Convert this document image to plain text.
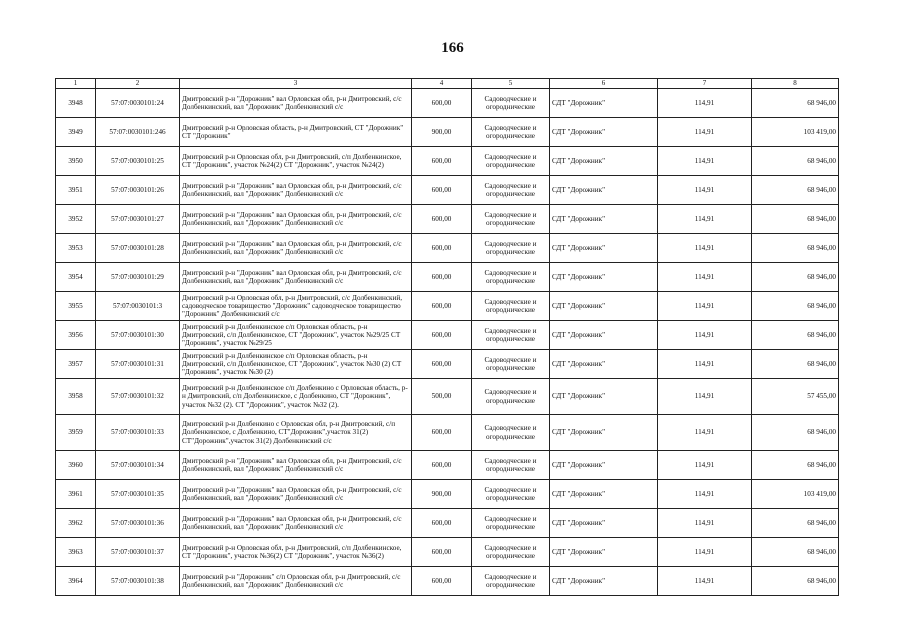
166
1	2	3	4	5	6	7	8
3948	57:07:0030101:24	Дмитровский р-н "Дорожник" вал Орловская обл, р-н Дмитровский, с/с Долбенкинский, вал "Дорожник" Долбенкинский с/с	600,00	Садоводческие и огороднические	СДТ "Дорожник"	114,91	68 946,00
3949	57:07:0030101:246	Дмитровский р-н Орловская область, р-н Дмитровский, СТ "Дорожник" СТ "Дорожник"	900,00	Садоводческие и огороднические	СДТ "Дорожник"	114,91	103 419,00
3950	57:07:0030101:25	Дмитровский р-н Орловская обл, р-н Дмитровский, с/п Долбенкинское, СТ "Дорожник", участок №24(2) СТ "Дорожник", участок №24(2)	600,00	Садоводческие и огороднические	СДТ "Дорожник"	114,91	68 946,00
3951	57:07:0030101:26	Дмитровский р-н "Дорожник" вал Орловская обл, р-н Дмитровский, с/с Долбенкинский, вал "Дорожник" Долбенкинский с/с	600,00	Садоводческие и огороднические	СДТ "Дорожник"	114,91	68 946,00
3952	57:07:0030101:27	Дмитровский р-н "Дорожник" вал Орловская обл, р-н Дмитровский, с/с Долбенкинский, вал "Дорожник" Долбенкинский с/с	600,00	Садоводческие и огороднические	СДТ "Дорожник"	114,91	68 946,00
3953	57:07:0030101:28	Дмитровский р-н "Дорожник" вал Орловская обл, р-н Дмитровский, с/с Долбенкинский, вал "Дорожник" Долбенкинский с/с	600,00	Садоводческие и огороднические	СДТ "Дорожник"	114,91	68 946,00
3954	57:07:0030101:29	Дмитровский р-н "Дорожник" вал Орловская обл, р-н Дмитровский, с/с Долбенкинский, вал "Дорожник" Долбенкинский с/с	600,00	Садоводческие и огороднические	СДТ "Дорожник"	114,91	68 946,00
3955	57:07:0030101:3	Дмитровский р-н Орловская обл, р-н Дмитровский, с/с Долбенкинский, садоводческое товарищество "Дорожник" садоводческое товарищество "Дорожник" Долбенкинский с/с	600,00	Садоводческие и огороднические	СДТ "Дорожник"	114,91	68 946,00
3956	57:07:0030101:30	Дмитровский р-н Долбенкинское с/п Орловская область, р-н Дмитровский, с/п Долбенкинское, СТ "Дорожник", участок №29/25 СТ "Дорожник", участок №29/25	600,00	Садоводческие и огороднические	СДТ "Дорожник"	114,91	68 946,00
3957	57:07:0030101:31	Дмитровский р-н Долбенкинское с/п Орловская область, р-н Дмитровский, с/п Долбенкинское, СТ "Дорожник", участок №30 (2) СТ "Дорожник", участок №30 (2)	600,00	Садоводческие и огороднические	СДТ "Дорожник"	114,91	68 946,00
3958	57:07:0030101:32	Дмитровский р-н Долбенкинское с/п Долбенкино с Орловская область, р-н Дмитровский, с/п Долбенкинское, с Долбенкино, СТ "Дорожник", участок №32 (2). СТ "Дорожник", участок №32 (2).	500,00	Садоводческие и огороднические	СДТ "Дорожник"	114,91	57 455,00
3959	57:07:0030101:33	Дмитровский р-н Долбенкино с Орловская обл, р-н Дмитровский, с/п Долбенкинское, с Долбенкино, СТ"Дорожник",участок 31(2) СТ"Дорожник",участок 31(2) Долбенкинский с/с	600,00	Садоводческие и огороднические	СДТ "Дорожник"	114,91	68 946,00
3960	57:07:0030101:34	Дмитровский р-н "Дорожник" вал Орловская обл, р-н Дмитровский, с/с Долбенкинский, вал "Дорожник" Долбенкинский с/с	600,00	Садоводческие и огороднические	СДТ "Дорожник"	114,91	68 946,00
3961	57:07:0030101:35	Дмитровский р-н "Дорожник" вал Орловская обл, р-н Дмитровский, с/с Долбенкинский, вал "Дорожник" Долбенкинский с/с	900,00	Садоводческие и огороднические	СДТ "Дорожник"	114,91	103 419,00
3962	57:07:0030101:36	Дмитровский р-н "Дорожник" вал Орловская обл, р-н Дмитровский, с/с Долбенкинский, вал "Дорожник" Долбенкинский с/с	600,00	Садоводческие и огороднические	СДТ "Дорожник"	114,91	68 946,00
3963	57:07:0030101:37	Дмитровский р-н Орловская обл, р-н Дмитровский, с/п Долбенкинское, СТ "Дорожник", участок №36(2) СТ "Дорожник", участок №36(2)	600,00	Садоводческие и огороднические	СДТ "Дорожник"	114,91	68 946,00
3964	57:07:0030101:38	Дмитровский р-н "Дорожник" с/п Орловская обл, р-н Дмитровский, с/с Долбенкинский, вал "Дорожник" Долбенкинский с/с	600,00	Садоводческие и огороднические	СДТ "Дорожник"	114,91	68 946,00
